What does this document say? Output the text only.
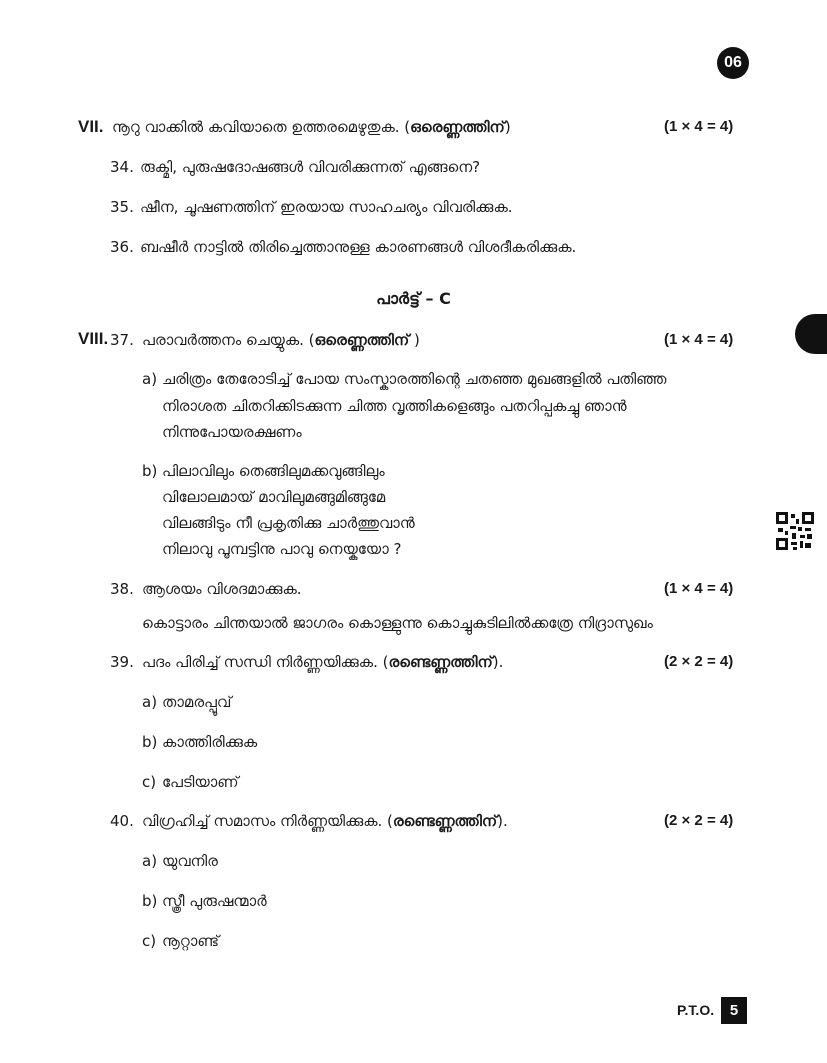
06
VII. നൂറു വാക്കിൽ കവിയാതെ ഉത്തരമെഴുതുക. (ഒരെണ്ണത്തിന്)	(1 × 4 = 4)
34. രുക്മി, പുരുഷദോഷങ്ങൾ വിവരിക്കുന്നത് എങ്ങനെ?
35. ഷീന, ചൂഷണത്തിന് ഇരയായ സാഹചര്യം വിവരിക്കുക.
36. ബഷീർ നാട്ടിൽ തിരിച്ചെത്താനുള്ള കാരണങ്ങൾ വിശദീകരിക്കുക.
പാർട്ട് – C
VIII. 37. പരാവർത്തനം ചെയ്യുക. (ഒരെണ്ണത്തിന് )	(1 × 4 = 4)
a) ചരിത്രം തേരോടിച്ച് പോയ സംസ്കാരത്തിന്റെ ചതഞ്ഞ മുഖങ്ങളിൽ പതിഞ്ഞ
നിരാശത ചിതറിക്കിടക്കുന്ന ചിത്ത വൃത്തികളെങ്ങും പതറിപ്പകച്ചു ഞാൻ
നിന്നുപോയരക്ഷണം
b) പിലാവിലും തെങ്ങിലുമക്കവുങ്ങിലും
വിലോലമായ് മാവിലുമങ്ങുമിങ്ങുമേ
വിലങ്ങിടും നീ പ്രകൃതിക്കു ചാർത്തുവാൻ
നിലാവു പൂമ്പട്ടിനു പാവു നെയ്കയോ ?
38. ആശയം വിശദമാക്കുക.	(1 × 4 = 4)
കൊട്ടാരം ചിന്തയാൽ ജാഗരം കൊള്ളുന്നു കൊച്ചുകുടിലിൽക്കത്രേ നിദ്രാസുഖം
39. പദം പിരിച്ച് സന്ധി നിർണ്ണയിക്കുക. (രണ്ടെണ്ണത്തിന്).	(2 × 2 = 4)
a) താമരപ്പൂവ്
b) കാത്തിരിക്കുക
c) പേടിയാണ്
40. വിഗ്രഹിച്ച് സമാസം നിർണ്ണയിക്കുക. (രണ്ടെണ്ണത്തിന്).	(2 × 2 = 4)
a) യുവനിര
b) സ്ത്രീ പുരുഷന്മാർ
c) നൂറ്റാണ്ട്
P.T.O. 5
